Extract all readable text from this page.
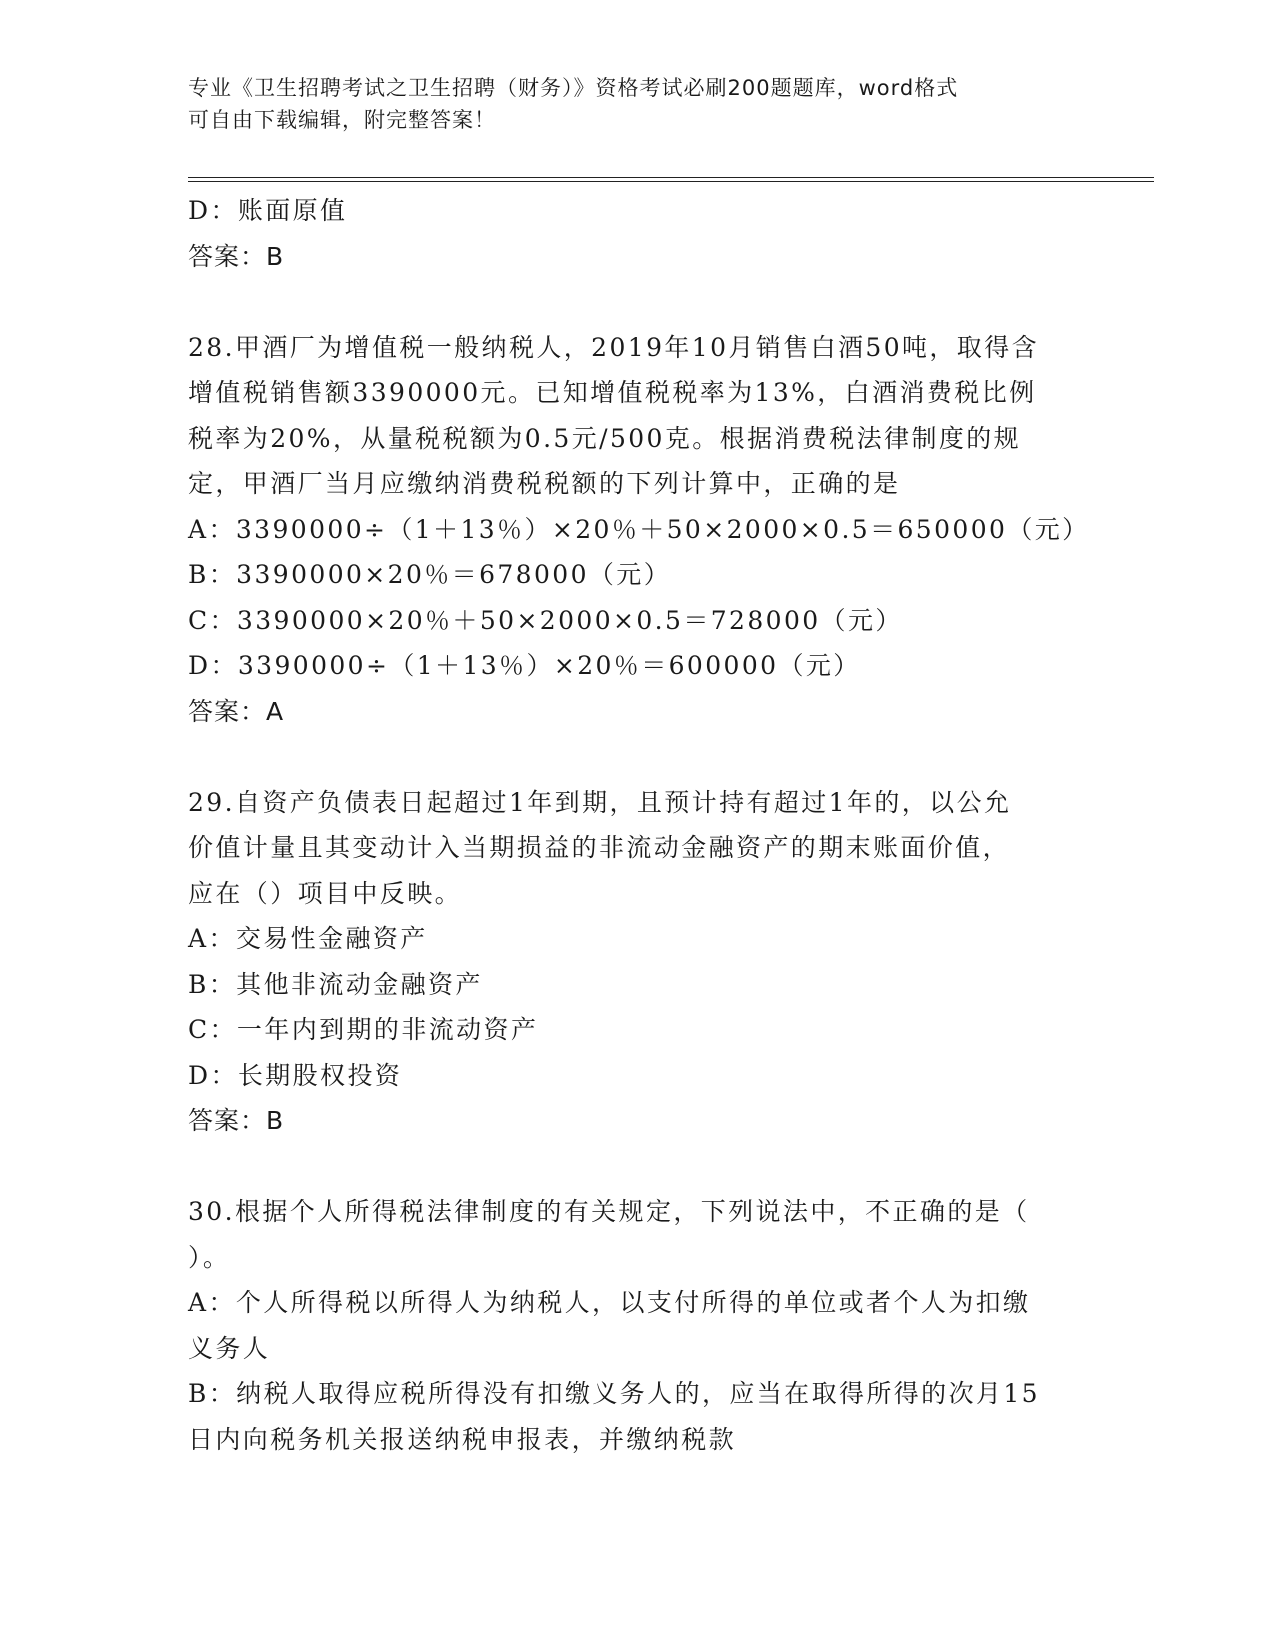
专业《卫生招聘考试之卫生招聘（财务）》资格考试必刷200题题库，word格式
可自由下载编辑，附完整答案！

D：账面原值

答案：B

28.甲酒厂为增值税一般纳税人，2019年10月销售白酒50吨，取得含

增值税销售额3390000元。已知增值税税率为13%，白酒消费税比例

税率为20%，从量税税额为0.5元/500克。根据消费税法律制度的规

定，甲酒厂当月应缴纳消费税税额的下列计算中，正确的是

A：3390000÷（1＋13％）×20％＋50×2000×0.5＝650000（元）

B：3390000×20％＝678000（元）

C：3390000×20％＋50×2000×0.5＝728000（元）

D：3390000÷（1＋13％）×20％＝600000（元）

答案：A

29.自资产负债表日起超过1年到期，且预计持有超过1年的，以公允

价值计量且其变动计入当期损益的非流动金融资产的期末账面价值，

应在（）项目中反映。

A：交易性金融资产

B：其他非流动金融资产

C：一年内到期的非流动资产

D：长期股权投资

答案：B

30.根据个人所得税法律制度的有关规定，下列说法中，不正确的是（

）。

A：个人所得税以所得人为纳税人，以支付所得的单位或者个人为扣缴

义务人

B：纳税人取得应税所得没有扣缴义务人的，应当在取得所得的次月15

日内向税务机关报送纳税申报表，并缴纳税款
